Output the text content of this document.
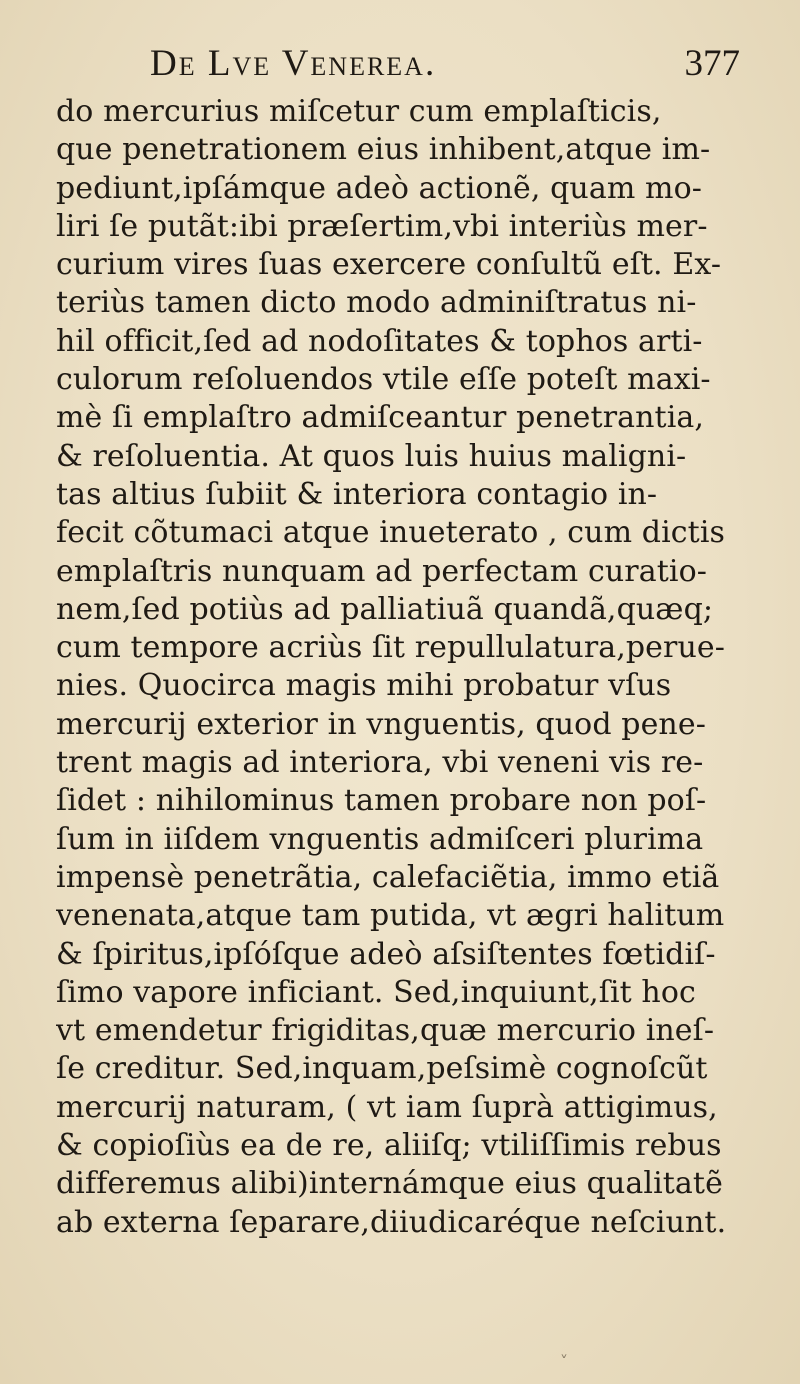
De Lve Venerea.	377
do mercurius miſcetur cum emplaſticis,
que penetrationem eius inhibent,atque im-
pediunt,ipſámque adeò actionẽ, quam mo-
liri ſe putãt:ibi præſertim,vbi interiùs mer-
curium vires ſuas exercere conſultũ eſt. Ex-
teriùs tamen dicto modo adminiſtratus ni-
hil officit,ſed ad nodoſitates & tophos arti-
culorum reſoluendos vtile eſſe poteſt maxi-
mè ſi emplaſtro admiſceantur penetrantia,
& reſoluentia. At quos luis huius maligni-
tas altius ſubiit & interiora contagio in-
fecit cõtumaci atque inueterato , cum dictis
emplaſtris nunquam ad perfectam curatio-
nem,ſed potiùs ad palliatiuã quandã,quæq;
cum tempore acriùs ſit repullulatura,perue-
nies. Quocirca magis mihi probatur vſus
mercurij exterior in vnguentis, quod pene-
trent magis ad interiora, vbi veneni vis re-
ſidet : nihilominus tamen probare non poſ-
ſum in iiſdem vnguentis admiſceri plurima
impensè penetrãtia, calefaciẽtia, immo etiã
venenata,atque tam putida, vt ægri halitum
& ſpiritus,ipſóſque adeò aſsiſtentes fœtidiſ-
ſimo vapore inficiant. Sed,inquiunt,ſit hoc
vt emendetur frigiditas,quæ mercurio ineſ-
ſe creditur. Sed,inquam,peſsimè cognoſcũt
mercurij naturam, ( vt iam ſuprà attigimus,
& copioſiùs ea de re, aliiſq; vtiliſſimis rebus
differemus alibi)internámque eius qualitatẽ
ab externa ſeparare,diiudicaréque neſciunt.
˅
